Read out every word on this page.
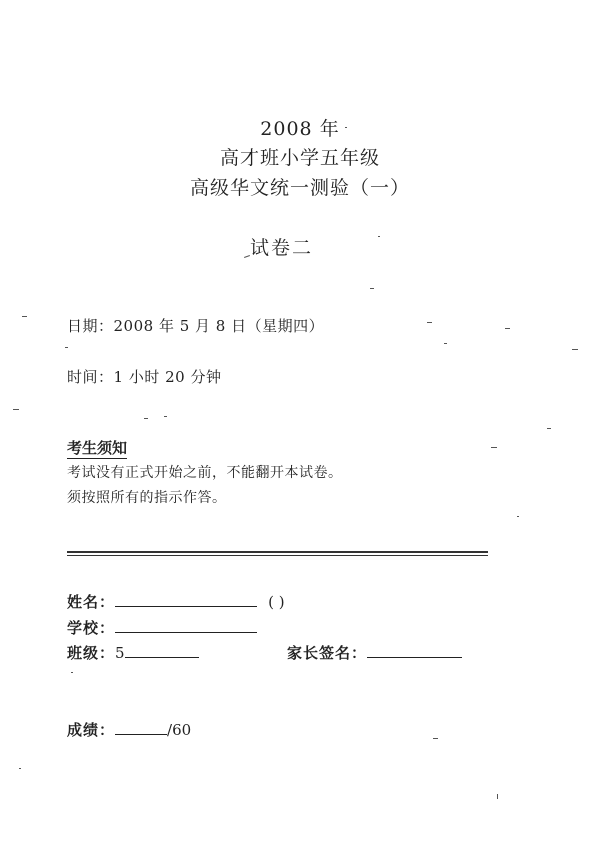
2008 年
高才班小学五年级
高级华文统一测验（一）
试卷二
日期：2008 年 5 月 8 日（星期四）
时间：1 小时 20 分钟
考生须知
考试没有正式开始之前，不能翻开本试卷。
须按照所有的指示作答。
姓名：	( )
学校：
班级：5	家长签名：
成绩：	/60
